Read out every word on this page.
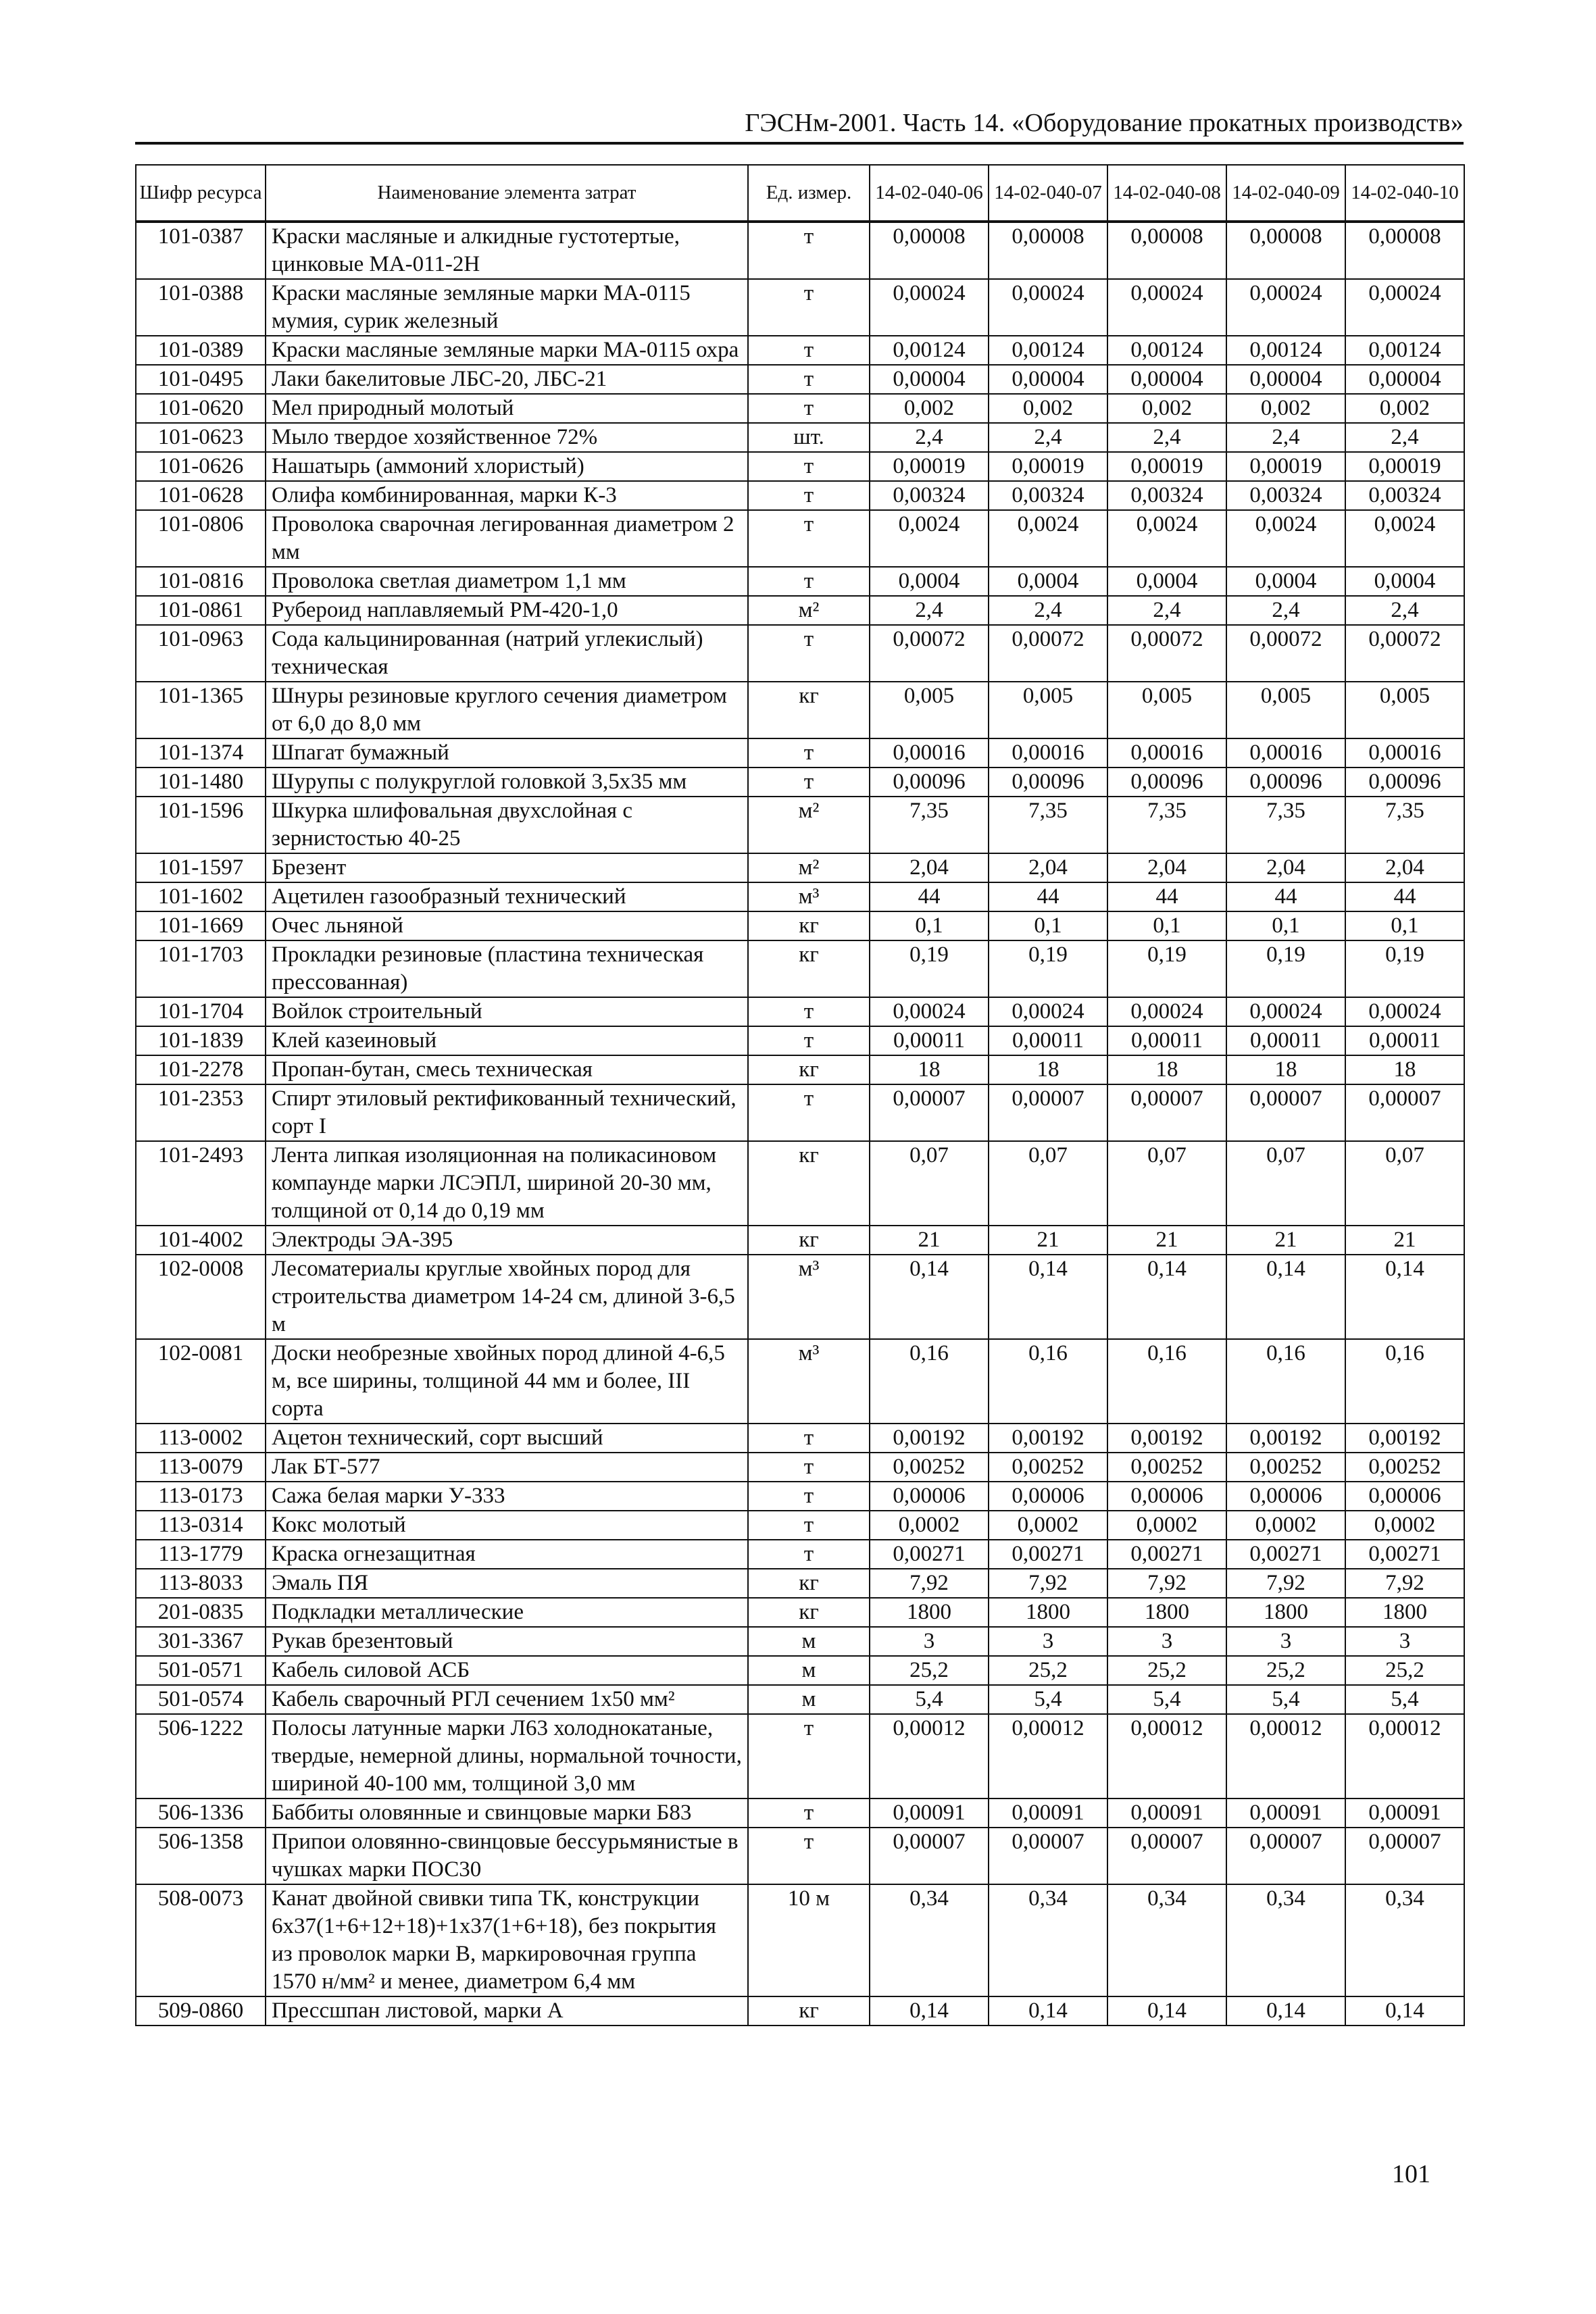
ГЭСНм-2001. Часть 14. «Оборудование прокатных производств»
Шифр ресурса	Наименование элемента затрат	Ед. измер.	14-02-040-06	14-02-040-07	14-02-040-08	14-02-040-09	14-02-040-10
101-0387	Краски масляные и алкидные густотертые, цинковые МА-011-2Н	т	0,00008	0,00008	0,00008	0,00008	0,00008
101-0388	Краски масляные земляные марки МА-0115 мумия, сурик железный	т	0,00024	0,00024	0,00024	0,00024	0,00024
101-0389	Краски масляные земляные марки МА-0115 охра	т	0,00124	0,00124	0,00124	0,00124	0,00124
101-0495	Лаки бакелитовые ЛБС-20, ЛБС-21	т	0,00004	0,00004	0,00004	0,00004	0,00004
101-0620	Мел природный молотый	т	0,002	0,002	0,002	0,002	0,002
101-0623	Мыло твердое хозяйственное 72%	шт.	2,4	2,4	2,4	2,4	2,4
101-0626	Нашатырь (аммоний хлористый)	т	0,00019	0,00019	0,00019	0,00019	0,00019
101-0628	Олифа комбинированная, марки К-3	т	0,00324	0,00324	0,00324	0,00324	0,00324
101-0806	Проволока сварочная легированная диаметром 2 мм	т	0,0024	0,0024	0,0024	0,0024	0,0024
101-0816	Проволока светлая диаметром 1,1 мм	т	0,0004	0,0004	0,0004	0,0004	0,0004
101-0861	Рубероид наплавляемый РМ-420-1,0	м²	2,4	2,4	2,4	2,4	2,4
101-0963	Сода кальцинированная (натрий углекислый) техническая	т	0,00072	0,00072	0,00072	0,00072	0,00072
101-1365	Шнуры резиновые круглого сечения диаметром от 6,0 до 8,0 мм	кг	0,005	0,005	0,005	0,005	0,005
101-1374	Шпагат бумажный	т	0,00016	0,00016	0,00016	0,00016	0,00016
101-1480	Шурупы с полукруглой головкой 3,5х35 мм	т	0,00096	0,00096	0,00096	0,00096	0,00096
101-1596	Шкурка шлифовальная двухслойная с зернистостью 40-25	м²	7,35	7,35	7,35	7,35	7,35
101-1597	Брезент	м²	2,04	2,04	2,04	2,04	2,04
101-1602	Ацетилен газообразный технический	м³	44	44	44	44	44
101-1669	Очес льняной	кг	0,1	0,1	0,1	0,1	0,1
101-1703	Прокладки резиновые (пластина техническая прессованная)	кг	0,19	0,19	0,19	0,19	0,19
101-1704	Войлок строительный	т	0,00024	0,00024	0,00024	0,00024	0,00024
101-1839	Клей казеиновый	т	0,00011	0,00011	0,00011	0,00011	0,00011
101-2278	Пропан-бутан, смесь техническая	кг	18	18	18	18	18
101-2353	Спирт этиловый ректификованный технический, сорт I	т	0,00007	0,00007	0,00007	0,00007	0,00007
101-2493	Лента липкая изоляционная на поликасиновом компаунде марки ЛСЭПЛ, шириной 20-30 мм, толщиной от 0,14 до 0,19 мм	кг	0,07	0,07	0,07	0,07	0,07
101-4002	Электроды ЭА-395	кг	21	21	21	21	21
102-0008	Лесоматериалы круглые хвойных пород для строительства диаметром 14-24 см, длиной 3-6,5 м	м³	0,14	0,14	0,14	0,14	0,14
102-0081	Доски необрезные хвойных пород длиной 4-6,5 м, все ширины, толщиной 44 мм и более, III сорта	м³	0,16	0,16	0,16	0,16	0,16
113-0002	Ацетон технический, сорт высший	т	0,00192	0,00192	0,00192	0,00192	0,00192
113-0079	Лак БТ-577	т	0,00252	0,00252	0,00252	0,00252	0,00252
113-0173	Сажа белая марки У-333	т	0,00006	0,00006	0,00006	0,00006	0,00006
113-0314	Кокс молотый	т	0,0002	0,0002	0,0002	0,0002	0,0002
113-1779	Краска огнезащитная	т	0,00271	0,00271	0,00271	0,00271	0,00271
113-8033	Эмаль ПЯ	кг	7,92	7,92	7,92	7,92	7,92
201-0835	Подкладки металлические	кг	1800	1800	1800	1800	1800
301-3367	Рукав брезентовый	м	3	3	3	3	3
501-0571	Кабель силовой АСБ	м	25,2	25,2	25,2	25,2	25,2
501-0574	Кабель сварочный РГЛ сечением 1х50 мм²	м	5,4	5,4	5,4	5,4	5,4
506-1222	Полосы латунные марки Л63 холоднокатаные, твердые, немерной длины, нормальной точности, шириной 40-100 мм, толщиной 3,0 мм	т	0,00012	0,00012	0,00012	0,00012	0,00012
506-1336	Баббиты оловянные и свинцовые марки Б83	т	0,00091	0,00091	0,00091	0,00091	0,00091
506-1358	Припои оловянно-свинцовые бессурьмянистые в чушках марки ПОС30	т	0,00007	0,00007	0,00007	0,00007	0,00007
508-0073	Канат двойной свивки типа ТК, конструкции 6х37(1+6+12+18)+1х37(1+6+18), без покрытия из проволок марки В, маркировочная группа 1570 н/мм² и менее, диаметром 6,4 мм	10 м	0,34	0,34	0,34	0,34	0,34
509-0860	Прессшпан листовой, марки А	кг	0,14	0,14	0,14	0,14	0,14
101
